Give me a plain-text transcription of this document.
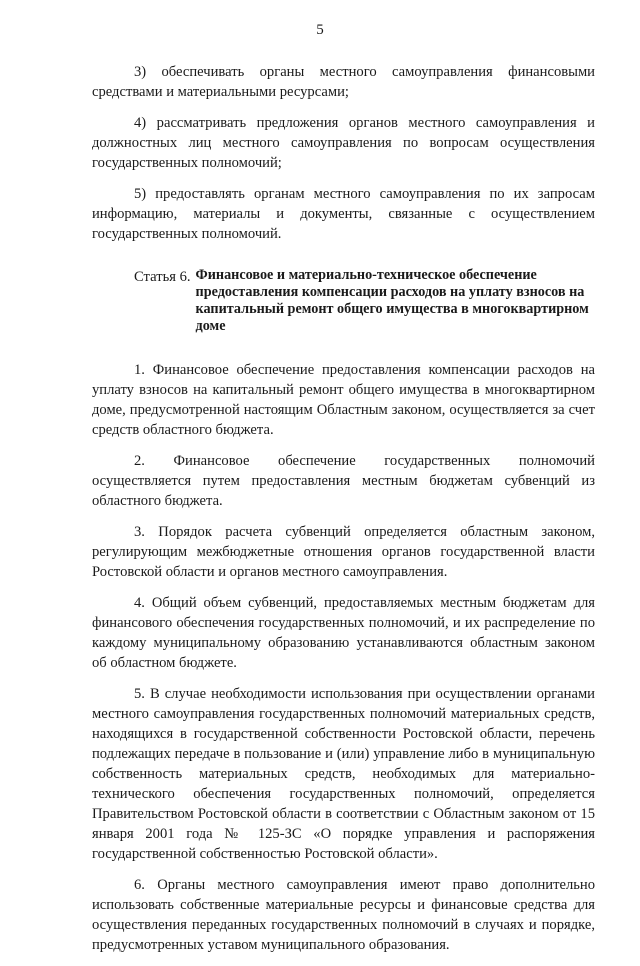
5

3) обеспечивать органы местного самоуправления финансовыми средствами и материальными ресурсами;

4) рассматривать предложения органов местного самоуправления и должностных лиц местного самоуправления по вопросам осуществления государственных полномочий;

5) предоставлять органам местного самоуправления по их запросам информацию, материалы и документы, связанные с осуществлением государственных полномочий.

Статья 6. Финансовое и материально-техническое обеспечение предоставления компенсации расходов на уплату взносов на капитальный ремонт общего имущества в многоквартирном доме

1. Финансовое обеспечение предоставления компенсации расходов на уплату взносов на капитальный ремонт общего имущества в многоквартирном доме, предусмотренной настоящим Областным законом, осуществляется за счет средств областного бюджета.

2. Финансовое обеспечение государственных полномочий осуществляется путем предоставления местным бюджетам субвенций из областного бюджета.

3. Порядок расчета субвенций определяется областным законом, регулирующим межбюджетные отношения органов государственной власти Ростовской области и органов местного самоуправления.

4. Общий объем субвенций, предоставляемых местным бюджетам для финансового обеспечения государственных полномочий, и их распределение по каждому муниципальному образованию устанавливаются областным законом об областном бюджете.

5. В случае необходимости использования при осуществлении органами местного самоуправления государственных полномочий материальных средств, находящихся в государственной собственности Ростовской области, перечень подлежащих передаче в пользование и (или) управление либо в муниципальную собственность материальных средств, необходимых для материально-технического обеспечения государственных полномочий, определяется Правительством Ростовской области в соответствии с Областным законом от 15 января 2001 года № 125-ЗС «О порядке управления и распоряжения государственной собственностью Ростовской области».

6. Органы местного самоуправления имеют право дополнительно использовать собственные материальные ресурсы и финансовые средства для осуществления переданных государственных полномочий в случаях и порядке, предусмотренных уставом муниципального образования.
